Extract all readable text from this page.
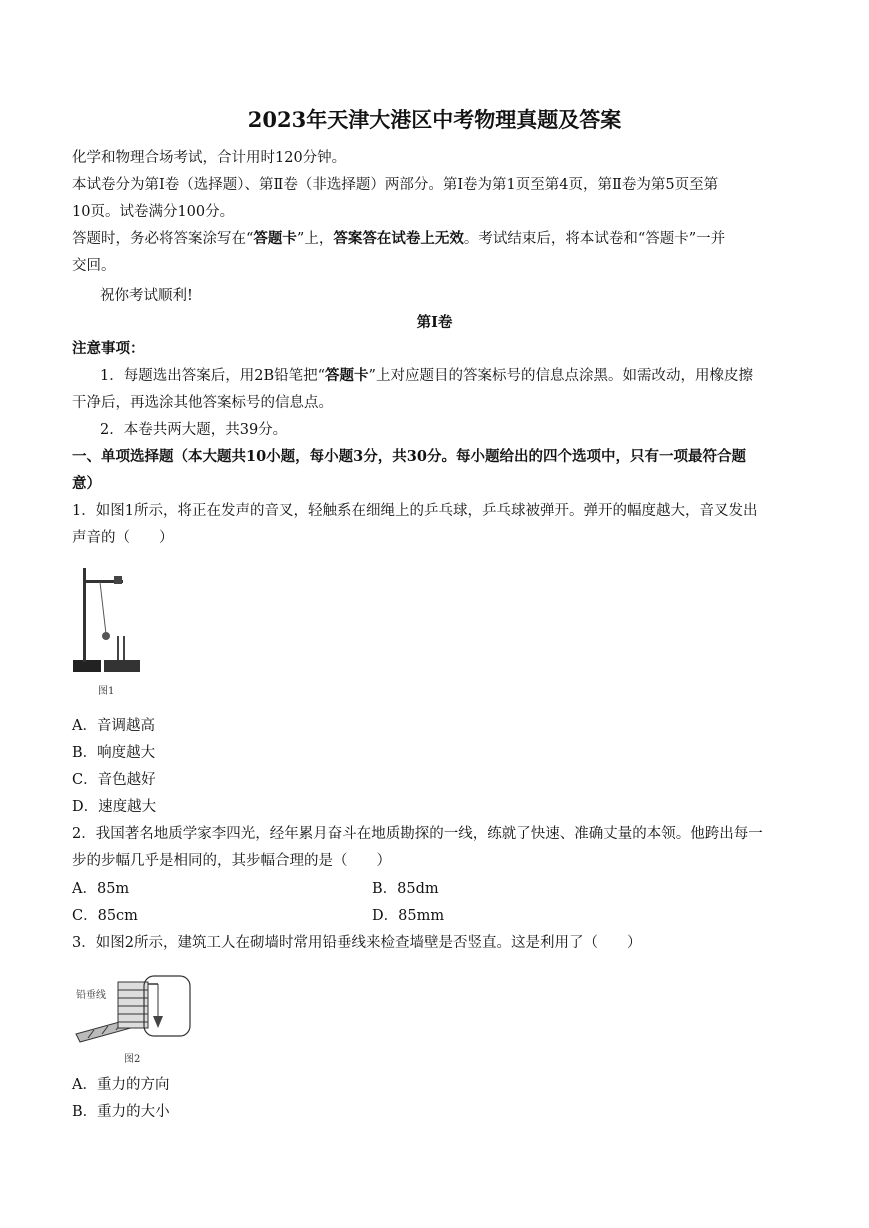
2023年天津大港区中考物理真题及答案
化学和物理合场考试，合计用时120分钟。
本试卷分为第Ⅰ卷（选择题）、第Ⅱ卷（非选择题）两部分。第Ⅰ卷为第1页至第4页，第Ⅱ卷为第5页至第
10页。试卷满分100分。
答题时，务必将答案涂写在“答题卡”上，答案答在试卷上无效。考试结束后，将本试卷和“答题卡”一并
交回。
祝你考试顺利!
第Ⅰ卷
注意事项：
1．每题选出答案后，用2B铅笔把“答题卡”上对应题目的答案标号的信息点涂黑。如需改动，用橡皮擦
干净后，再选涂其他答案标号的信息点。
2．本卷共两大题，共39分。
一、单项选择题（本大题共10小题，每小题3分，共30分。每小题给出的四个选项中，只有一项最符合题
意）
1．如图1所示，将正在发声的音叉，轻触系在细绳上的乒乓球，乒乓球被弹开。弹开的幅度越大，音叉发出
声音的（　　）
图1
A．音调越高
B．响度越大
C．音色越好
D．速度越大
2．我国著名地质学家李四光，经年累月奋斗在地质勘探的一线，练就了快速、准确丈量的本领。他跨出每一
步的步幅几乎是相同的，其步幅合理的是（　　）
A．85m	B．85dm
C．85cm	D．85mm
3．如图2所示，建筑工人在砌墙时常用铅垂线来检查墙壁是否竖直。这是利用了（　　）
铅垂线
图2
A．重力的方向
B．重力的大小
